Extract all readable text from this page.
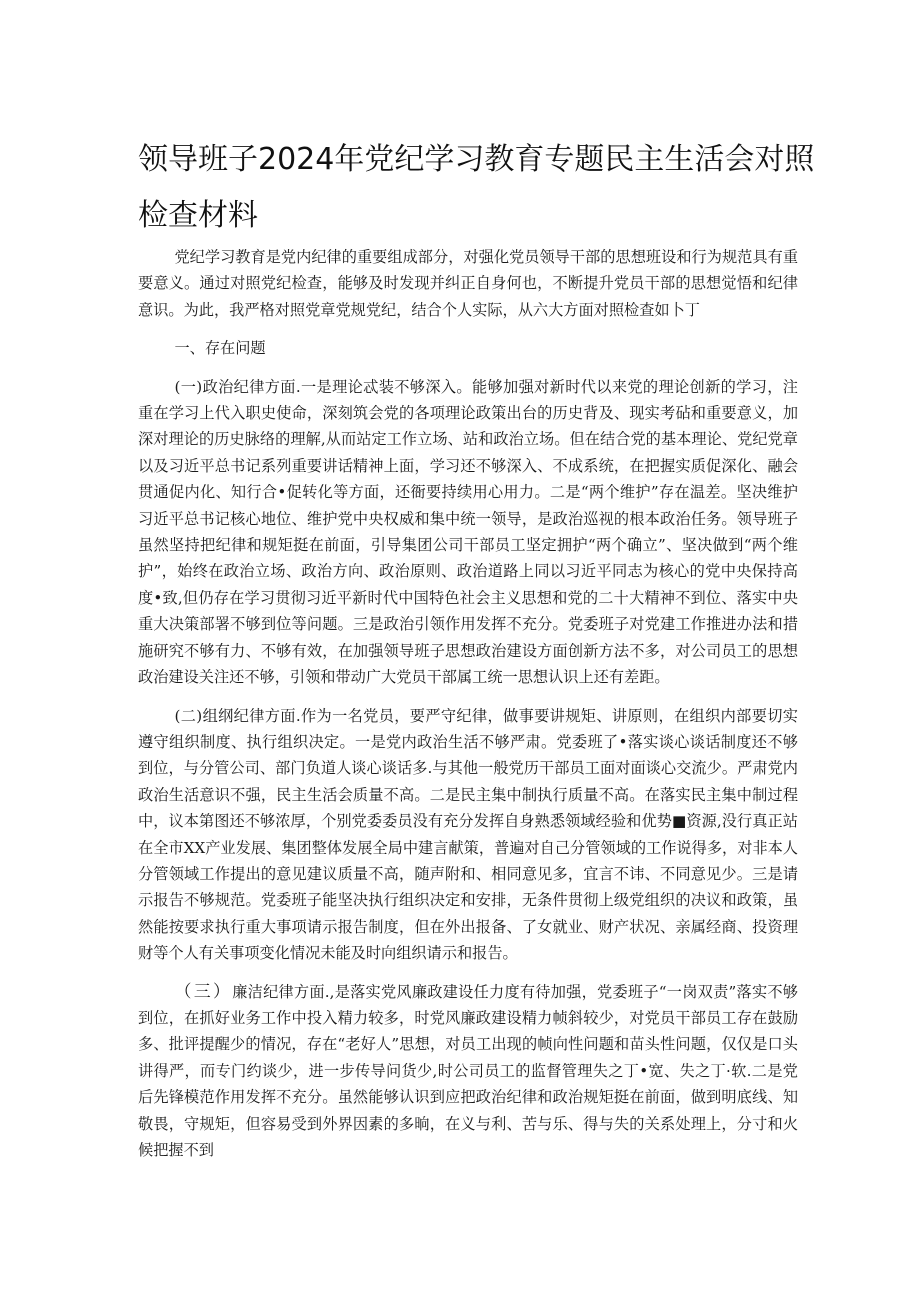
领导班子2024年党纪学习教育专题民主生活会对照
检查材料

党纪学习教育是党内纪律的重要组成部分，对强化党员领导干部的思想班设和行为规范具有重要意义。通过对照党纪检查，能够及时发现并纠正自身何也，不断提升党员干部的思想觉悟和纪律意识。为此，我严格对照党章党规党纪，结合个人实际，从六大方面对照检查如卜丁

一、存在问题

(一)政治纪律方面.一是理论忒装不够深入。能够加强对新时代以来党的理论创新的学习，注重在学习上代入职史使命，深刻筑会党的各项理论政策出台的历史背及、现实考砧和重要意义，加深对理论的历史脉络的理解,从而站定工作立场、站和政治立场。但在结合党的基本理论、党纪党章以及习近平总书记系列重要讲话精神上面，学习还不够深入、不成系统，在把握实质促深化、融会贯通促内化、知行合•促转化等方面，还衙要持续用心用力。二是“两个维护”存在温差。坚决维护习近平总书记核心地位、维护党中央权威和集中统一领导，是政治巡视的根本政治任务。领导班子虽然坚持把纪律和规矩挺在前面，引导集团公司干部员工坚定拥护“两个确立”、坚决做到“两个维护”，始终在政治立场、政治方向、政治原则、政治道路上同以习近平同志为核心的党中央保持高度•致,但仍存在学习贯彻习近平新时代中国特色社会主义思想和党的二十大精神不到位、落实中央重大决策部署不够到位等问题。三是政治引领作用发挥不充分。党委班子对党建工作推进办法和措施研究不够有力、不够有效，在加强领导班子思想政治建设方面创新方法不多，对公司员工的思想政治建设关注还不够，引领和带动广大党员干部属工统一思想认识上还有差距。

(二)组纲纪律方面.作为一名党员，要严守纪律，做事要讲规矩、讲原则，在组织内部要切实遵守组织制度、执行组织决定。一是党内政治生活不够严肃。党委班了•落实谈心谈话制度还不够到位，与分管公司、部门负道人谈心谈话多.与其他一般党历干部员工面对面谈心交流少。严肃党内政治生活意识不强，民主生活会质量不高。二是民主集中制执行质量不高。在落实民主集中制过程中，议本第图还不够浓厚，个别党委委员没有充分发挥自身熟悉领域经验和优势■资源,没行真正站在全市XX产业发展、集团整体发展全局中建言献策，普遍对自己分管领域的工作说得多，对非本人分管领域工作提出的意见建议质量不高，随声附和、相同意见多，宜言不讳、不同意见少。三是请示报告不够规范。党委班子能坚决执行组织决定和安排，无条件贯彻上级党组织的决议和政策，虽然能按要求执行重大事项请示报告制度，但在外出报备、了女就业、财产状况、亲属经商、投资理财等个人有关事项变化情况未能及时向组织请示和报告。

（三）廉洁纪律方面.,是落实党风廉政建设任力度有待加强，党委班子“一岗双责”落实不够到位，在抓好业务工作中投入精力较多，时党风廉政建设精力帧斜较少，对党员干部员工存在鼓励多、批评提醒少的情况，存在“老好人”思想，对员工出现的帧向性问题和苗头性问题，仅仅是口头讲得严，而专门约谈少，进一步传导问货少,时公司员工的监督管理失之丁•宽、失之丁·软.二是党后先锋模范作用发挥不充分。虽然能够认识到应把政治纪律和政治规矩挺在前面，做到明底线、知敬畏，守规矩，但容易受到外界因素的多晌，在义与利、苦与乐、得与失的关系处理上，分寸和火候把握不到
